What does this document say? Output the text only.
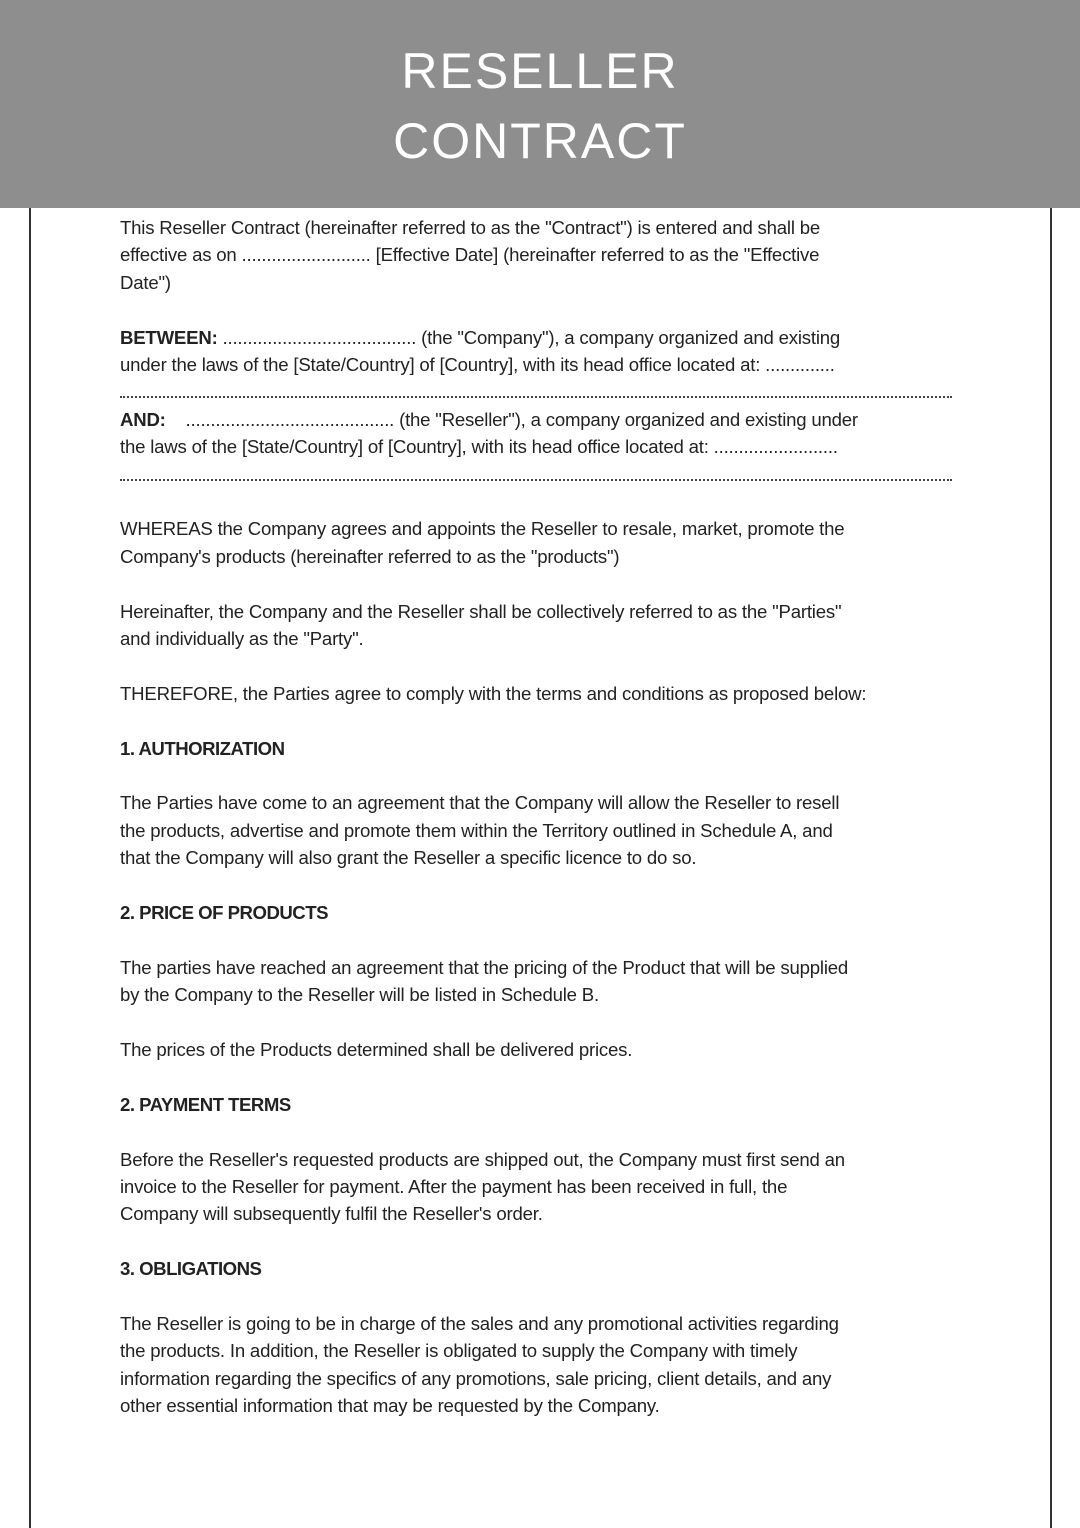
RESELLER
CONTRACT
This Reseller Contract (hereinafter referred to as the "Contract") is entered and shall be
effective as on .......................... [Effective Date] (hereinafter referred to as the "Effective
Date")
BETWEEN: ....................................... (the "Company"), a company organized and existing
under the laws of the [State/Country] of [Country], with its head office located at: ..............
AND:    .......................................... (the "Reseller"), a company organized and existing under
the laws of the [State/Country] of [Country], with its head office located at: .........................
WHEREAS the Company agrees and appoints the Reseller to resale, market, promote the
Company's products (hereinafter referred to as the "products")
Hereinafter, the Company and the Reseller shall be collectively referred to as the "Parties"
and individually as the "Party".
THEREFORE, the Parties agree to comply with the terms and conditions as proposed below:
1. AUTHORIZATION
The Parties have come to an agreement that the Company will allow the Reseller to resell
the products, advertise and promote them within the Territory outlined in Schedule A, and
that the Company will also grant the Reseller a specific licence to do so.
2. PRICE OF PRODUCTS
The parties have reached an agreement that the pricing of the Product that will be supplied
by the Company to the Reseller will be listed in Schedule B.
The prices of the Products determined shall be delivered prices.
2. PAYMENT TERMS
Before the Reseller's requested products are shipped out, the Company must first send an
invoice to the Reseller for payment. After the payment has been received in full, the
Company will subsequently fulfil the Reseller's order.
3. OBLIGATIONS
The Reseller is going to be in charge of the sales and any promotional activities regarding
the products. In addition, the Reseller is obligated to supply the Company with timely
information regarding the specifics of any promotions, sale pricing, client details, and any
other essential information that may be requested by the Company.
